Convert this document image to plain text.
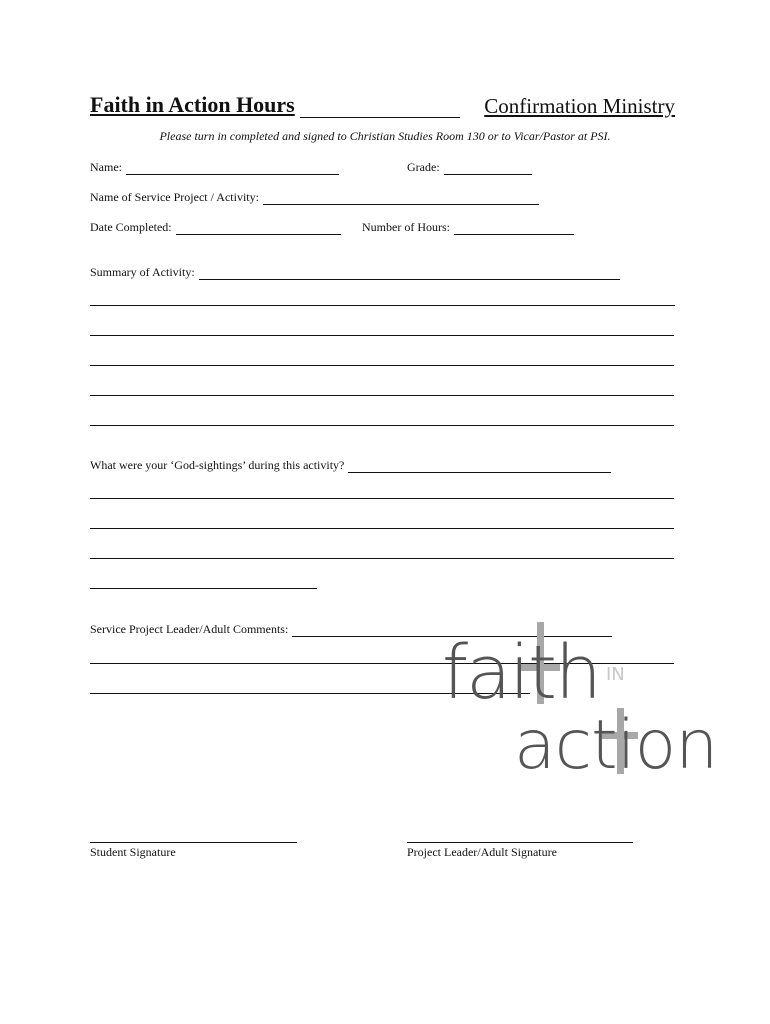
Faith in Action Hours	Confirmation Ministry
Please turn in completed and signed to Christian Studies Room 130 or to Vicar/Pastor at PSI.
Name:	Grade:
Name of Service Project / Activity:
Date Completed:	Number of Hours:
Summary of Activity:
What were your ‘God-sightings’ during this activity?
Service Project Leader/Adult Comments:
faith IN
action
Student Signature	Project Leader/Adult Signature
